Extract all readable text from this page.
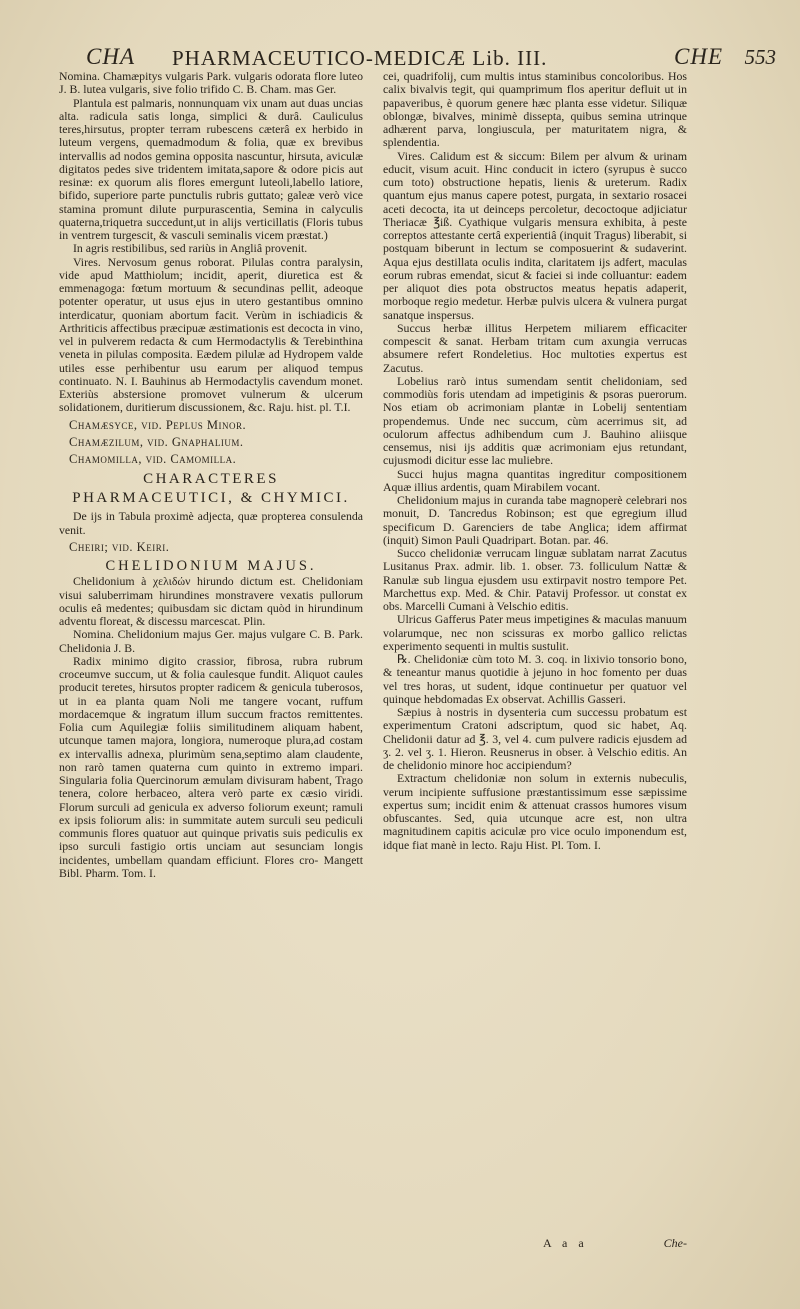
CHA PHARMACEUTICO-MEDICÆ Lib. III.	CHE 553

Nomina. Chamæpitys vulgaris Park. vulgaris odorata flore luteo J. B. lutea vulgaris, sive folio trifido C. B. Cham. mas Ger.

Plantula est palmaris, nonnunquam vix unam aut duas uncias alta. radicula satis longa, simplici & durâ. Cauliculus teres,hirsutus, propter terram rubescens cæterâ ex herbido in luteum vergens, quemadmodum & folia, quæ ex brevibus intervallis ad nodos gemina opposita nascuntur, hirsuta, aviculæ digitatos pedes sive tridentem imitata,sapore & odore picis aut resinæ: ex quorum alis flores emergunt luteoli,labello latiore, bifido, superiore parte punctulis rubris guttato; galeæ verò vice stamina promunt dilute purpurascentia, Semina in calyculis quaterna,triquetra succedunt,ut in alijs verticillatis (Floris tubus in ventrem turgescit, & vasculi seminalis vicem præstat.)

In agris restibilibus, sed rariùs in Angliâ provenit.

Vires. Nervosum genus roborat. Pilulas contra paralysin, vide apud Matthiolum; incidit, aperit, diuretica est & emmenagoga: fœtum mortuum & secundinas pellit, adeoque potenter operatur, ut usus ejus in utero gestantibus omnino interdicatur, quoniam abortum facit. Verùm in ischiadicis & Arthriticis affectibus præcipuæ æstimationis est decocta in vino, vel in pulverem redacta & cum Hermodactylis & Terebinthina veneta in pilulas composita. Eædem pilulæ ad Hydropem valde utiles esse perhibentur usu earum per aliquod tempus continuato. N. I. Bauhinus ab Hermodactylis cavendum monet. Exteriùs abstersione promovet vulnerum & ulcerum solidationem, duritierum discussionem, &c. Raju. hist. pl. T.I.

Chamæsyce, vid. Peplus Minor.

Chamæzilum, vid. Gnaphalium.

Chamomilla, vid. Camomilla.

CHARACTERES PHARMACEUTICI, & CHYMICI.

De ijs in Tabula proximè adjecta, quæ propterea consulenda venit.

Cheiri; vid. Keiri.

CHELIDONIUM MAJUS.

Chelidonium à χελιδών hirundo dictum est. Chelidoniam visui saluberrimam hirundines monstravere vexatis pullorum oculis eâ medentes; quibusdam sic dictam quòd in hirundinum adventu floreat, & discessu marcescat. Plin.

Nomina. Chelidonium majus Ger. majus vulgare C. B. Park. Chelidonia J. B.

Radix minimo digito crassior, fibrosa, rubra rubrum croceumve succum, ut & folia caulesque fundit. Aliquot caules producit teretes, hirsutos propter radicem & genicula tuberosos, ut in ea planta quam Noli me tangere vocant, ruffum mordacemque & ingratum illum succum fractos remittentes. Folia cum Aquilegiæ foliis similitudinem aliquam habent, utcunque tamen majora, longiora, numeroque plura,ad costam ex intervallis adnexa, plurimùm sena,septimo alam claudente, non rarò tamen quaterna cum quinto in extremo impari. Singularia folia Quercinorum æmulam divisuram habent, Trago tenera, colore herbaceo, altera verò parte ex cæsio viridi. Florum surculi ad geniculа ex adverso foliorum exeunt; ramuli ex ipsis foliorum alis: in summitate autem surculi seu pediculi communis flores quatuor aut quinque privatis suis pediculis ex ipso surculi fastigio ortis unciam aut sesunciam longis incidentes, umbellam quandam efficiunt. Flores cro- Mangett Bibl. Pharm. Tom. I.

cei, quadrifolij, cum multis intus staminibus concoloribus. Hos calix bivalvis tegit, qui quamprimum flos aperitur defluit ut in papaveribus, è quorum genere hæc planta esse videtur. Siliquæ oblongæ, bivalves, minimè dissepta, quibus semina utrinque adhærent parva, longiuscula, per maturitatem nigra, & splendentia.

Vires. Calidum est & siccum: Bilem per alvum & urinam educit, visum acuit. Hinc conducit in ictero (syrupus è succo cum toto) obstructione hepatis, lienis & ureterum. Radix quantum ejus manus capere potest, purgata, in sextario rosacei aceti decocta, ita ut deinceps percoletur, decoctoque adjiciatur Theriacæ ℥iß. Cyathique vulgaris mensura exhibita, à peste correptos attestante certâ experientiâ (inquit Tragus) liberabit, si postquam biberunt in lectum se composuerint & sudaverint. Aqua ejus destillata oculis indita, claritatem ijs adfert, maculas eorum rubras emendat, sicut & faciei si inde colluantur: eadem per aliquot dies pota obstructos meatus hepatis adaperit, morboque regio medetur. Herbæ pulvis ulcera & vulnera purgat sanatque inspersus.

Succus herbæ illitus Herpetem miliarem efficaciter compescit & sanat. Herbam tritam cum axungia verrucas absumere refert Rondeletius. Hoc multoties expertus est Zacutus.

Lobelius rarò intus sumendam sentit chelidoniam, sed commodiùs foris utendam ad impetiginis & psoras puerorum. Nos etiam ob acrimoniam plantæ in Lobelij sententiam propendemus. Unde nec succum, cùm acerrimus sit, ad oculorum affectus adhibendum cum J. Bauhino aliisque censemus, nisi ijs additis quæ acrimoniam ejus retundant, cujusmodi dicitur esse lac muliebre.

Succi hujus magna quantitas ingreditur compositionem Aquæ illius ardentis, quam Mirabilem vocant.

Chelidonium majus in curanda tabe magnoperè celebrari nos monuit, D. Tancredus Robinson; est que egregium illud specificum D. Garenciers de tabe Anglica; idem affirmat (inquit) Simon Pauli Quadripart. Botan. par. 46.

Succo chelidoniæ verrucam linguæ sublatam narrat Zacutus Lusitanus Prax. admir. lib. 1. obser. 73. folliculum Nattæ & Ranulæ sub lingua ejusdem usu extirpavit nostro tempore Pet. Marchettus exp. Med. & Chir. Patavij Professor. ut constat ex obs. Marcelli Cumani à Velschio editis.

Ulricus Gafferus Pater meus impetigines & maculas manuum volarumque, nec non scissuras ex morbo gallico relictas experimento sequenti in multis sustulit.

℞. Chelidoniæ cùm toto M. 3. coq. in lixivio tonsorio bono, & teneantur manus quotidie à jejuno in hoc fomento per duas vel tres horas, ut sudent, idque continuetur per quatuor vel quinque hebdomadas Ex observat. Achillis Gasseri.

Sæpius à nostris in dysenteria cum successu probatum est experimentum Cratoni adscriptum, quod sic habet, Aq. Chelidonii datur ad ℥. 3, vel 4. cum pulvere radicis ejusdem ad ʒ. 2. vel ʒ. 1. Hieron. Reusnerus in obser. à Velschio editis. An de chelidonio minore hoc accipiendum?

Extractum chelidoniæ non solum in externis nubeculis, verum incipiente suffusione præstantissimum esse sæpissime expertus sum; incidit enim & attenuat crassos humores visum obfuscantes. Sed, quia utcunque acre est, non ultra magnitudinem capitis aciculæ pro vice oculo imponendum est, idque fiat manè in lecto. Raju Hist. Pl. Tom. I.

A a a	Che-
